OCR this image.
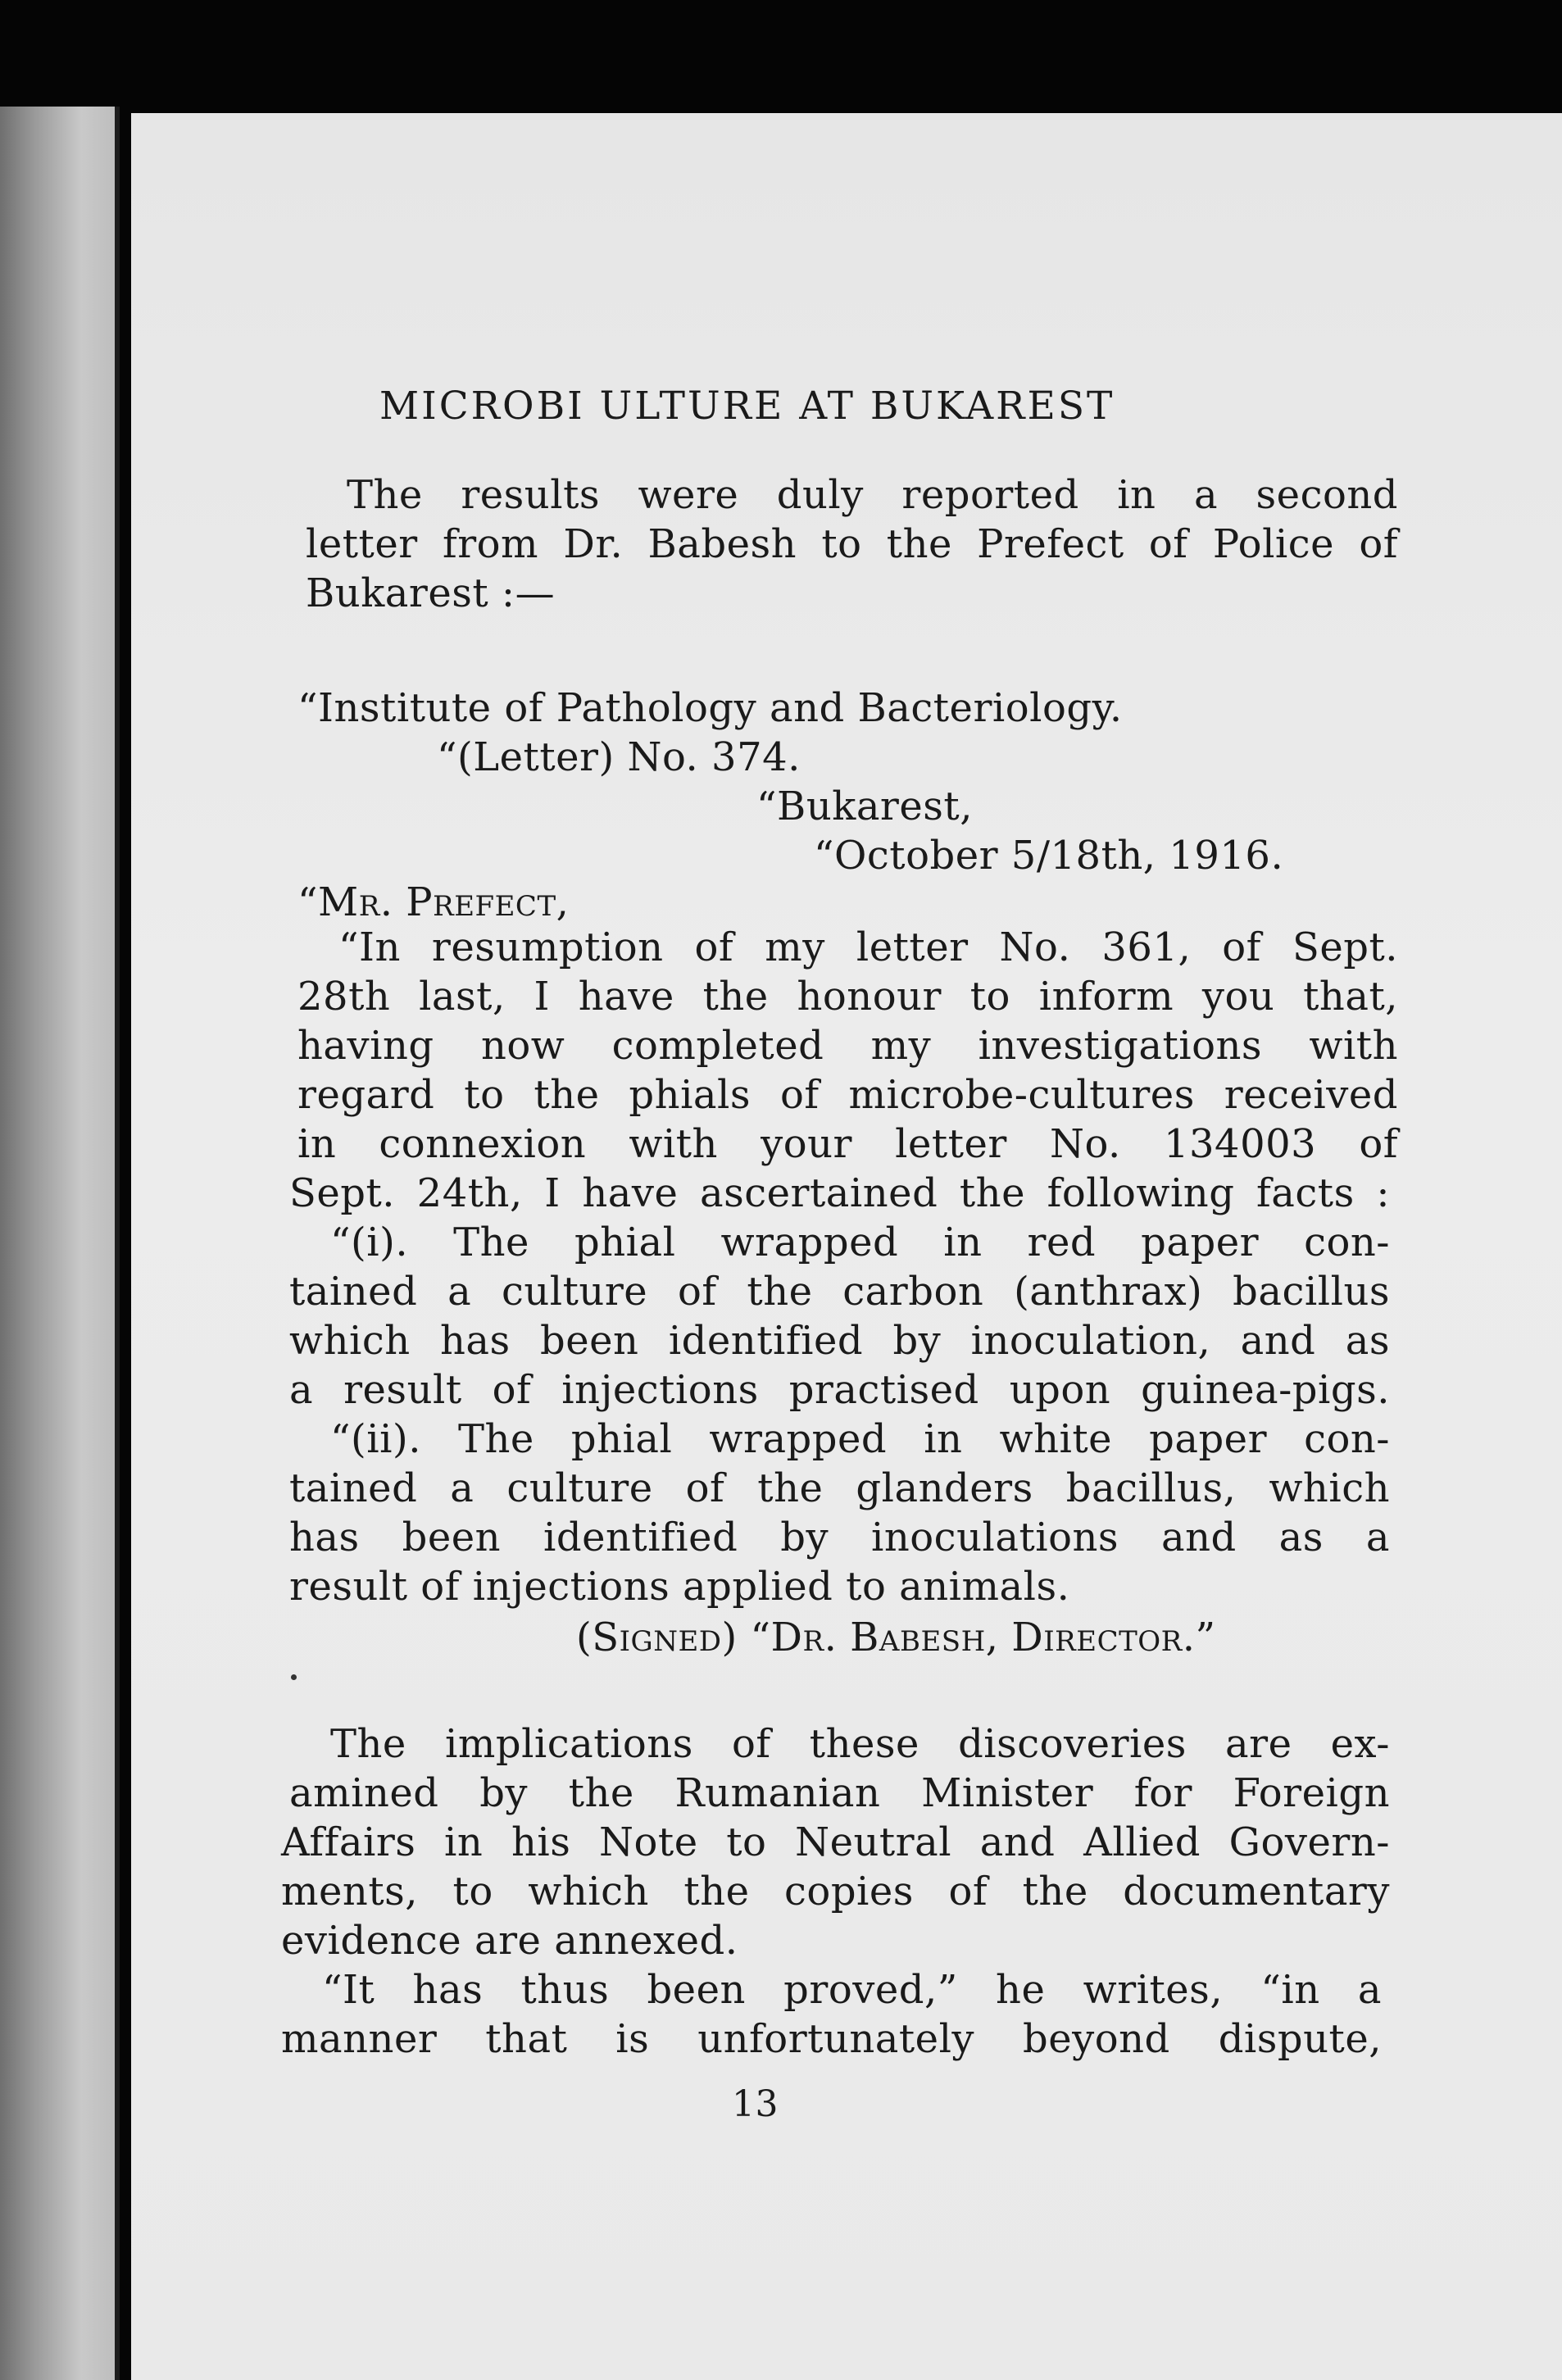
MICROBI ULTURE AT BUKAREST
The results were duly reported in a second
letter from Dr. Babesh to the Prefect of Police of
Bukarest :—
“Institute of Pathology and Bacteriology.
“(Letter) No. 374.
“Bukarest,
“October 5/18th, 1916.
“Mr. Prefect,
“In resumption of my letter No. 361, of Sept.
28th last, I have the honour to inform you that,
having now completed my investigations with
regard to the phials of microbe-cultures received
in connexion with your letter No. 134003 of
Sept. 24th, I have ascertained the following facts :
“(i). The phial wrapped in red paper con-
tained a culture of the carbon (anthrax) bacillus
which has been identified by inoculation, and as
a result of injections practised upon guinea-pigs.
“(ii). The phial wrapped in white paper con-
tained a culture of the glanders bacillus, which
has been identified by inoculations and as a
result of injections applied to animals.
(Signed) “Dr. Babesh, Director.”
The implications of these discoveries are ex-
amined by the Rumanian Minister for Foreign
Affairs in his Note to Neutral and Allied Govern-
ments, to which the copies of the documentary
evidence are annexed.
“It has thus been proved,” he writes, “in a
manner that is unfortunately beyond dispute,
13
